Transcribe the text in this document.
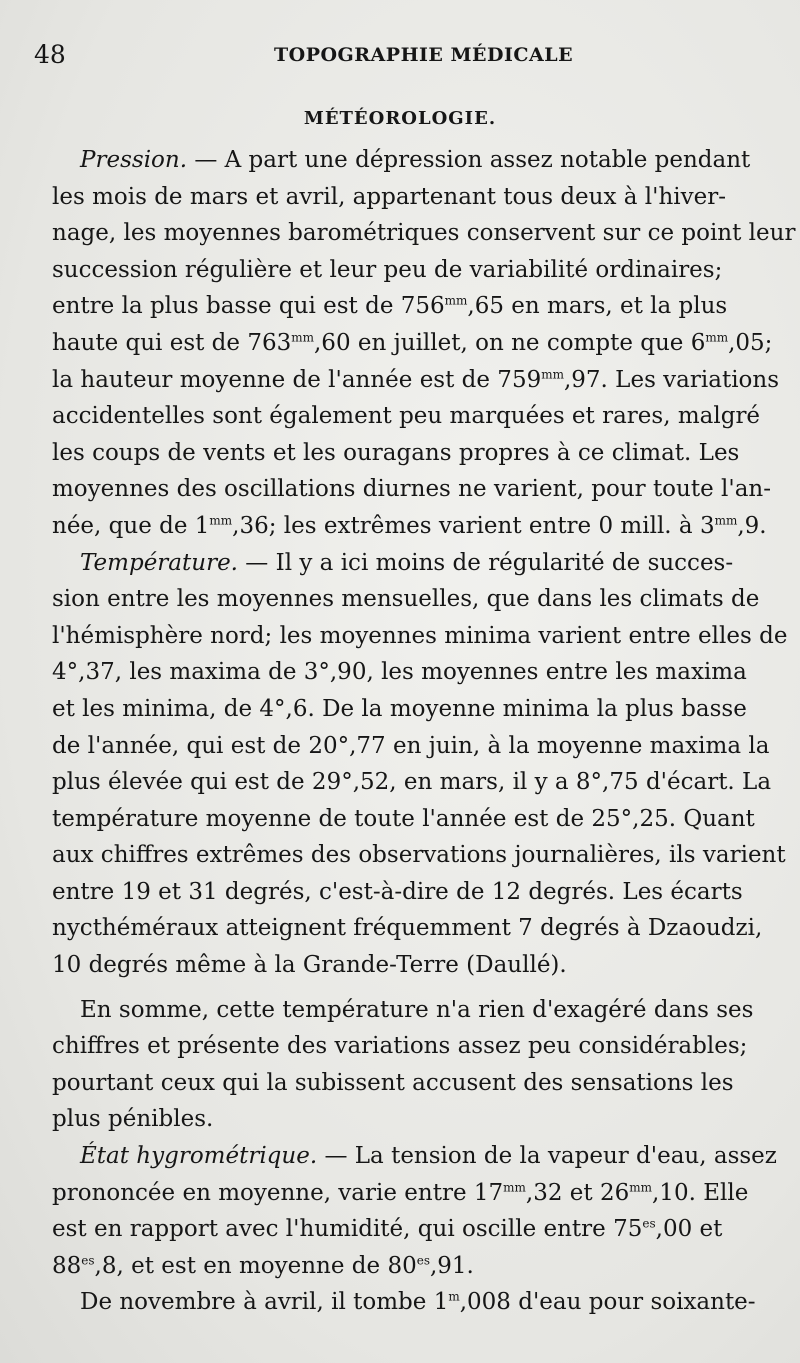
48	TOPOGRAPHIE MÉDICALE
MÉTÉOROLOGIE.
Pression. — A part une dépression assez notable pendant
les mois de mars et avril, appartenant tous deux à l'hiver-
nage, les moyennes barométriques conservent sur ce point leur
succession régulière et leur peu de variabilité ordinaires;
entre la plus basse qui est de $756^{mm},65$ en mars, et la plus
haute qui est de $763^{mm},60$ en juillet, on ne compte que $6^{mm},05$;
la hauteur moyenne de l'année est de $759^{mm},97$. Les variations
accidentelles sont également peu marquées et rares, malgré
les coups de vents et les ouragans propres à ce climat. Les
moyennes des oscillations diurnes ne varient, pour toute l'an-
née, que de $1^{mm},36$; les extrêmes varient entre 0 mill. à $3^{mm},9$.
Température. — Il y a ici moins de régularité de succes-
sion entre les moyennes mensuelles, que dans les climats de
l'hémisphère nord; les moyennes minima varient entre elles de
4°,37, les maxima de 3°,90, les moyennes entre les maxima
et les minima, de 4°,6. De la moyenne minima la plus basse
de l'année, qui est de 20°,77 en juin, à la moyenne maxima la
plus élevée qui est de 29°,52, en mars, il y a 8°,75 d'écart. La
température moyenne de toute l'année est de 25°,25. Quant
aux chiffres extrêmes des observations journalières, ils varient
entre 19 et 31 degrés, c'est-à-dire de 12 degrés. Les écarts
nycthéméraux atteignent fréquemment 7 degrés à Dzaoudzi,
10 degrés même à la Grande-Terre (Daullé).
En somme, cette température n'a rien d'exagéré dans ses
chiffres et présente des variations assez peu considérables;
pourtant ceux qui la subissent accusent des sensations les
plus pénibles.
État hygrométrique. — La tension de la vapeur d'eau, assez
prononcée en moyenne, varie entre $17^{mm},32$ et $26^{mm},10$. Elle
est en rapport avec l'humidité, qui oscille entre $75^{es},00$ et
$88^{es},8$, et est en moyenne de $80^{es},91$.
De novembre à avril, il tombe 1$^m$,008 d'eau pour soixante-
